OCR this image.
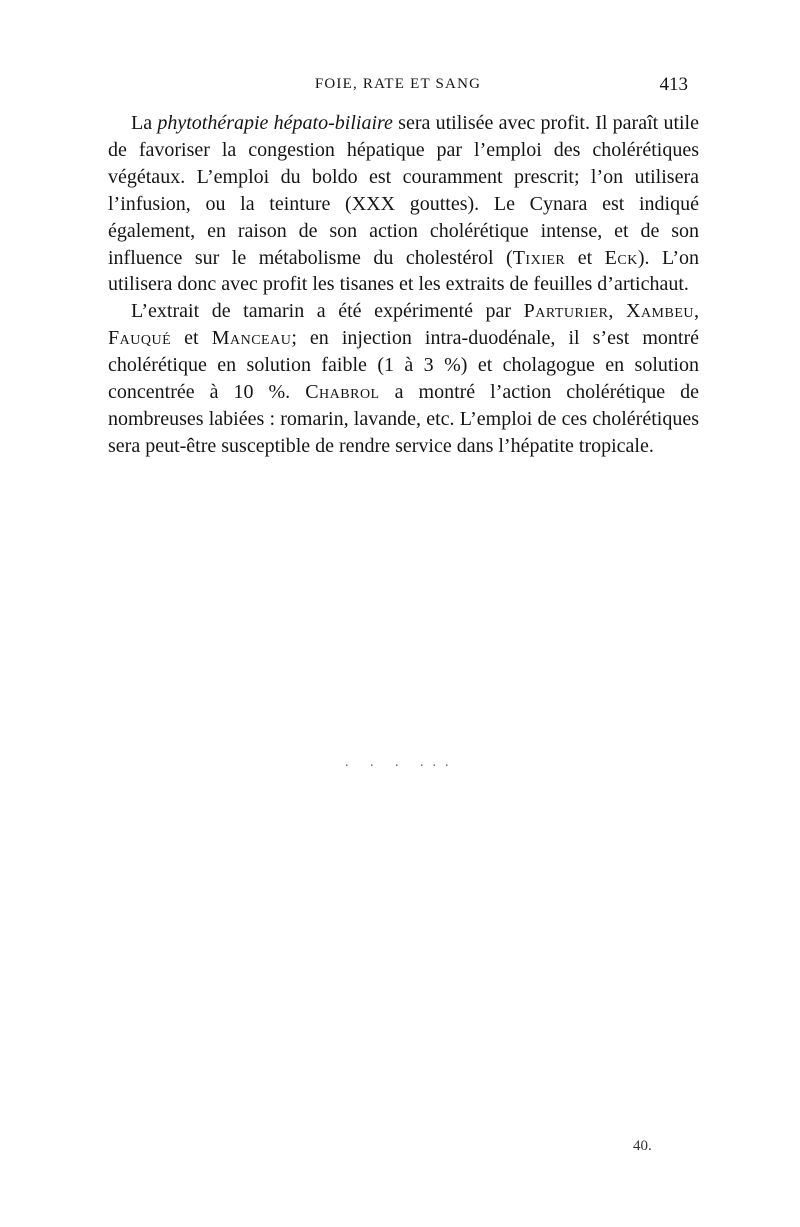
FOIE, RATE ET SANG	413

La phytothérapie hépato-biliaire sera utilisée avec profit. Il paraît utile de favoriser la congestion hépatique par l’emploi des cholérétiques végétaux. L’emploi du boldo est couramment prescrit; l’on utilisera l’infusion, ou la teinture (XXX gouttes). Le Cynara est indiqué également, en raison de son action cholérétique intense, et de son influence sur le métabolisme du cholestérol (Tixier et Eck). L’on utilisera donc avec profit les tisanes et les extraits de feuilles d’artichaut.

L’extrait de tamarin a été expérimenté par Parturier, Xambeu, Fauqué et Manceau; en injection intra-duodénale, il s’est montré cholérétique en solution faible (1 à 3 %) et cholagogue en solution concentrée à 10 %. Chabrol a montré l’action cholérétique de nombreuses labiées : romarin, lavande, etc. L’emploi de ces cholérétiques sera peut-être susceptible de rendre service dans l’hépatite tropicale.

. . . ...
40.
